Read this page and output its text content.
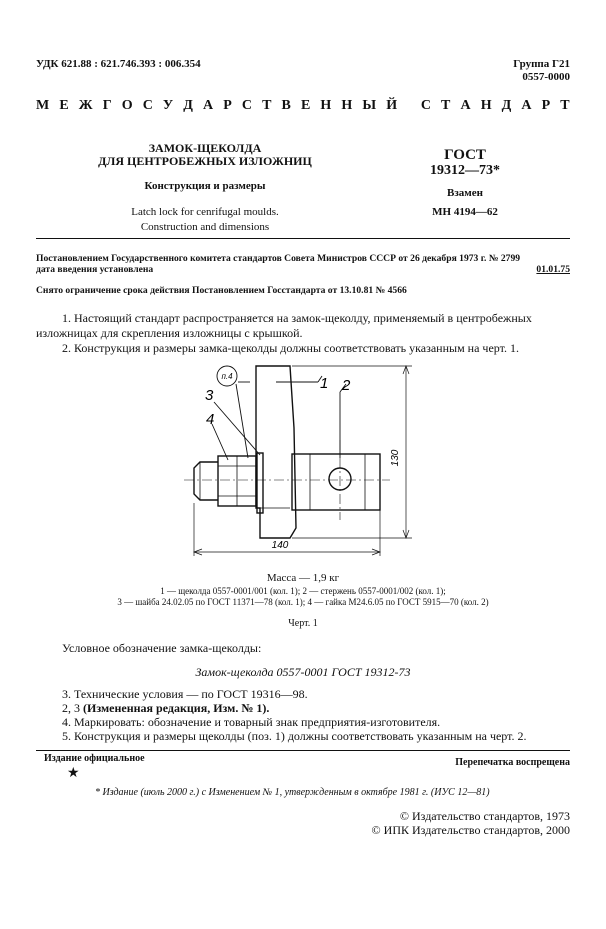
УДК 621.88 : 621.746.393 : 006.354	Группа Г21
0557-0000
М Е Ж Г О С У Д А Р С Т В Е Н Н Ы Й
С Т А Н Д А Р Т
ЗАМОК-ЩЕКОЛДА
ДЛЯ ЦЕНТРОБЕЖНЫХ ИЗЛОЖНИЦ
Конструкция и размеры
Latch lock for cenrifugal moulds.
Construction and dimensions
ГОСТ
19312—73*
Взамен
МН 4194—62
Постановлением Государственного комитета стандартов Совета Министров СССР от 26 декабря 1973 г. № 2799
дата введения установлена	01.01.75
Снято ограничение срока действия Постановлением Госстандарта от 13.10.81 № 4566
1. Настоящий стандарт распространяется на замок-щеколду, применяемый в центробежных
изложницах для скрепления изложницы с крышкой.
2. Конструкция и размеры замка-щеколды должны соответствовать указанным на черт. 1.
п.4	1 2
3
4
130
140
Масса — 1,9 кг
1 — щеколда 0557-0001/001 (кол. 1); 2 — стержень 0557-0001/002 (кол. 1);
3 — шайба 24.02.05 по ГОСТ 11371—78 (кол. 1); 4 — гайка М24.6.05 по ГОСТ 5915—70 (кол. 2)
Черт. 1
Условное обозначение замка-щеколды:
Замок-щеколда 0557-0001 ГОСТ 19312-73
3. Технические условия — по ГОСТ 19316—98.
2, 3 (Измененная редакция, Изм. № 1).
4. Маркировать: обозначение и товарный знак предприятия-изготовителя.
5. Конструкция и размеры щеколды (поз. 1) должны соответствовать указанным на черт. 2.
Издание официальное
★
Перепечатка воспрещена
* Издание (июль 2000 г.) с Изменением № 1, утвержденным в октябре 1981 г. (ИУС 12—81)
© Издательство стандартов, 1973
© ИПК Издательство стандартов, 2000
